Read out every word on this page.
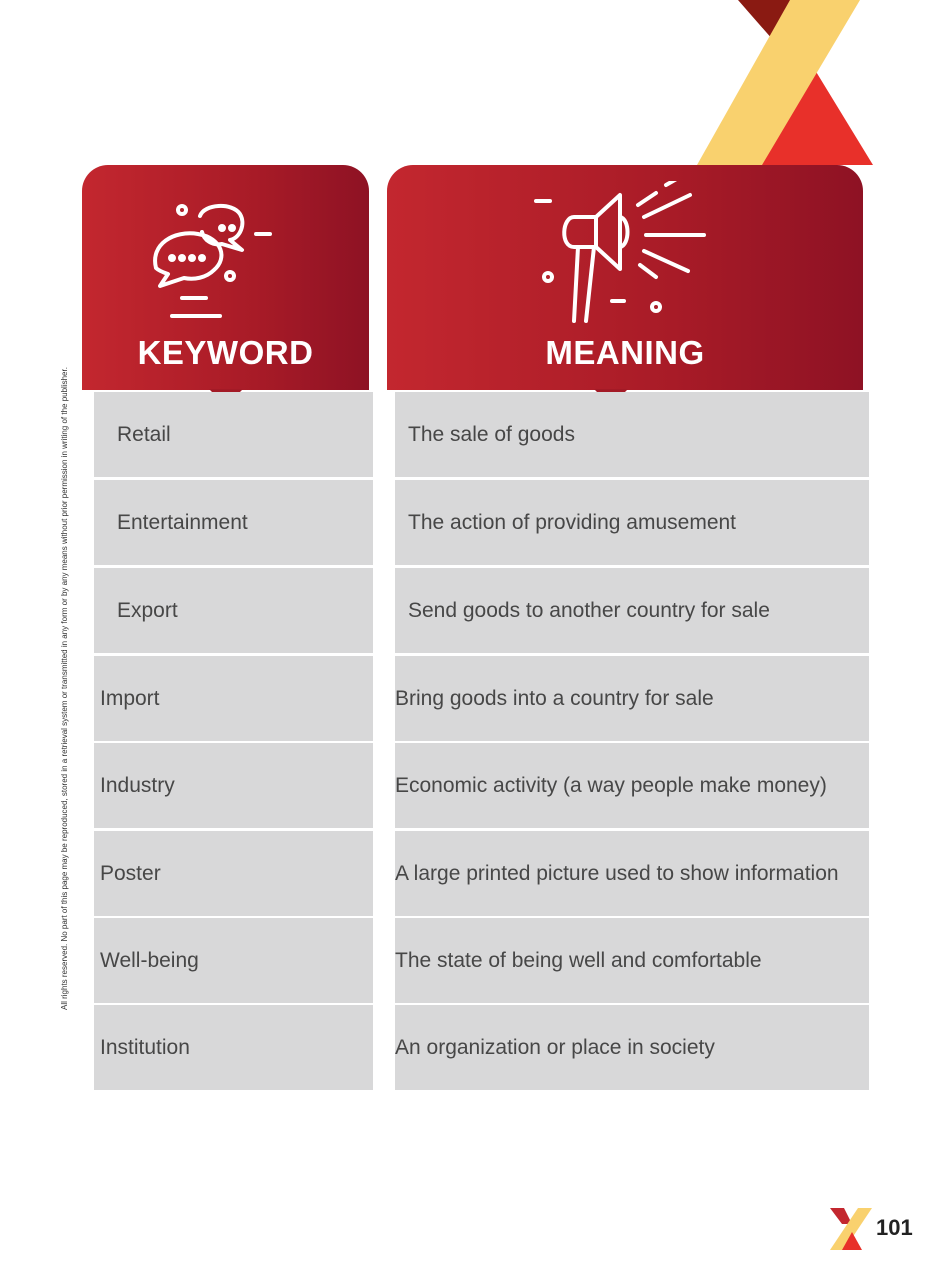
All rights reserved. No part of this page may be reproduced, stored in a retrieval system or transmitted in any form or by any means without prior permission in writing of the publisher.
KEYWORD	MEANING
Retail	The sale of goods
Entertainment	The action of providing amusement
Export	Send goods to another country for sale
Import	Bring goods into a country for sale
Industry	Economic activity (a way people make money)
Poster	A large printed picture used to show information
Well-being	The state of being well and comfortable
Institution	An organization or place in society
101
